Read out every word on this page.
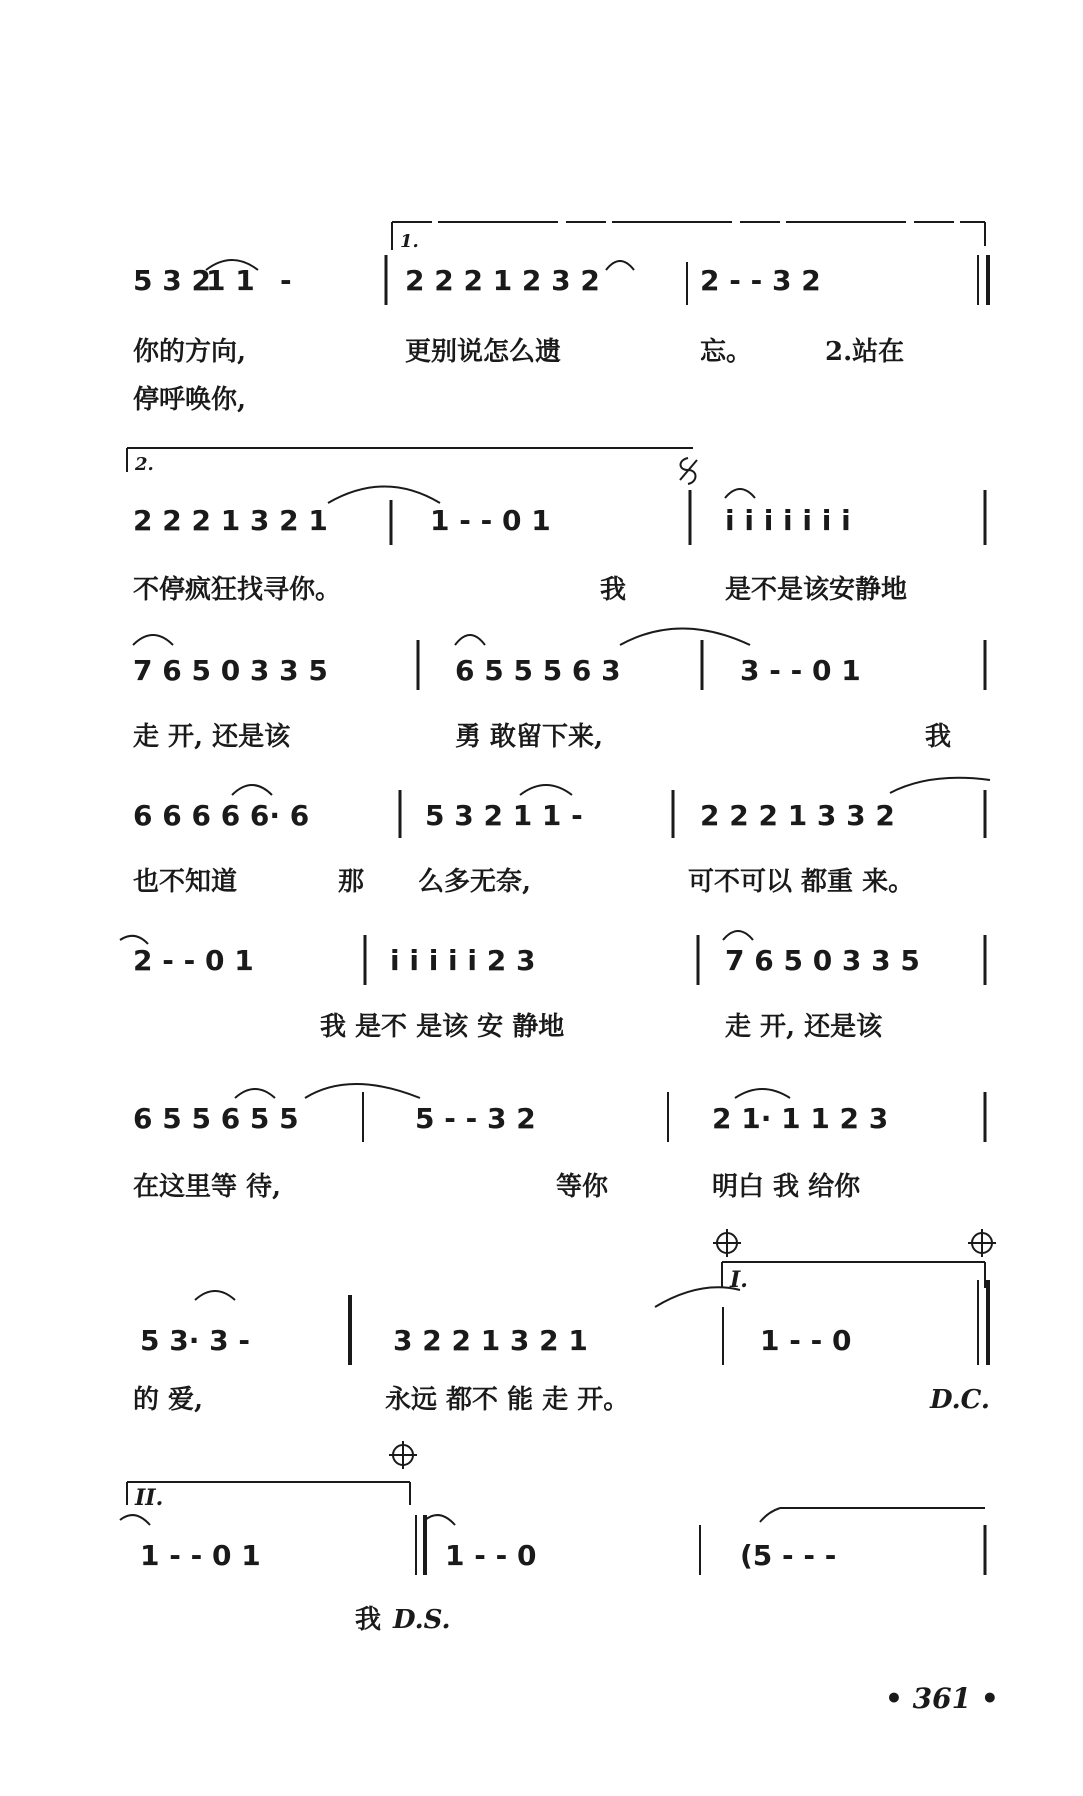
5 3 2
1 1 -	2 2 2 1 2 3 2	2 - - 3 2
你的方向,	更别说怎么遗	忘。	2.站在
2 2 2 1 3 2 1	1 - - 0 1	i i i i i i i
不停疯狂找寻你。	我	是不是该安静地
7 6 5 0 3 3 5	6 5 5 5 6 3	3 - - 0 1
走 开, 还是该	勇 敢留下来,	我
6 6 6 6 6· 6	5 3 2 1 1 -	2 2 2 1 3 3 2
也不知道	那 么多无奈,	可不可以 都重 来。
2 - - 0 1	i i i i i 2 3	7 6 5 0 3 3 5
我 是不 是该 安 静地	走 开, 还是该
6 5 5 6 5 5	5 - - 3 2	2 1· 1 1 2 3
在这里等 待,	等你	明白 我 给你
5 3· 3 -	3 2 2 1 3 2 1	1 - - 0
的 爱,	永远 都不 能 走 开。
1 - - 0 1	1 - - 0	(5 - - -
我
停呼唤你,
1.
2.
I.
II.
D.C.
D.S.
• 361 •
